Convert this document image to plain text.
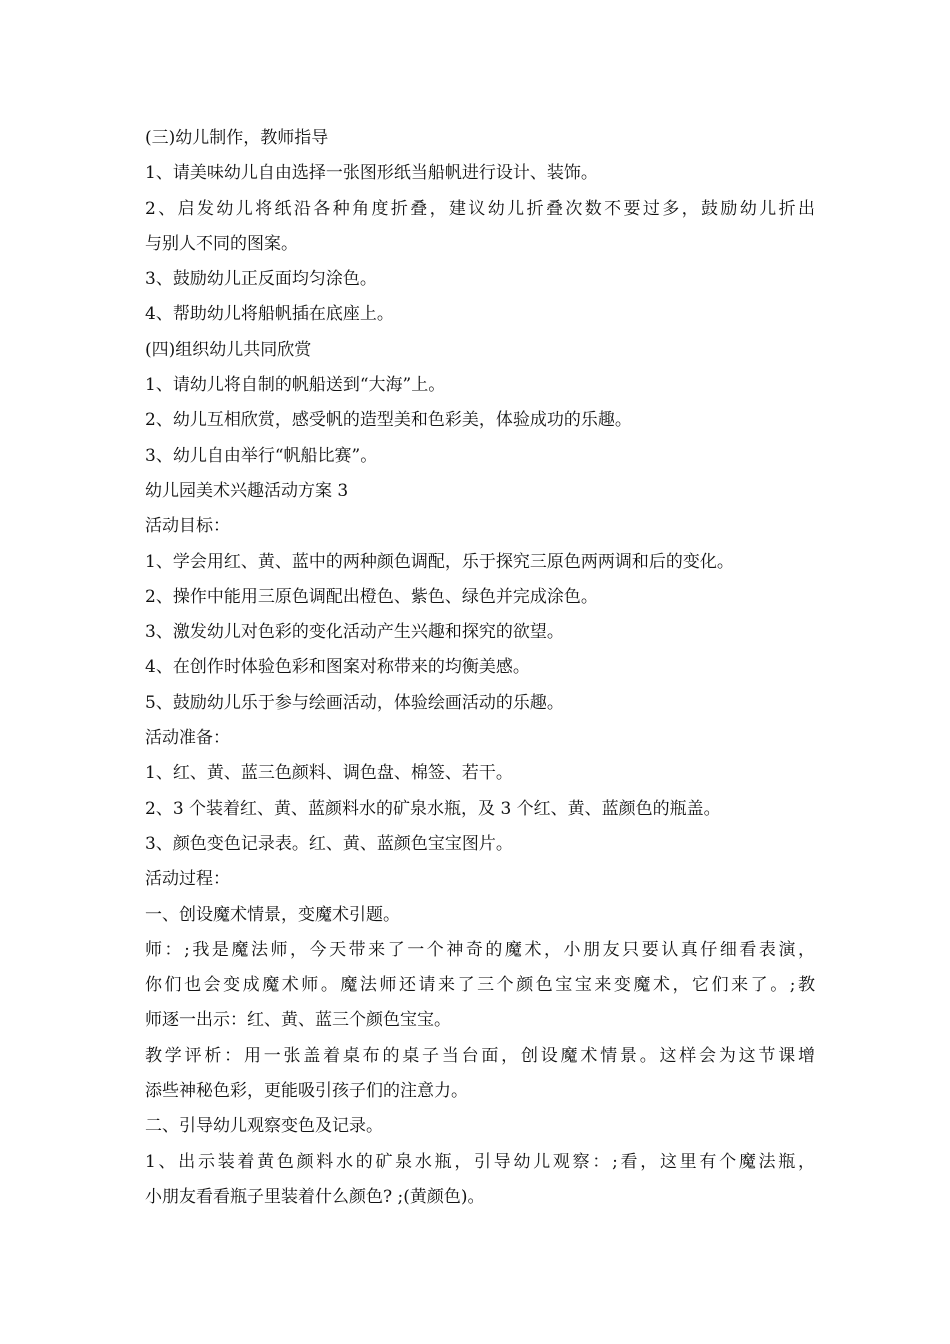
(三)幼儿制作，教师指导
1、请美味幼儿自由选择一张图形纸当船帆进行设计、装饰。
2、启发幼儿将纸沿各种角度折叠，建议幼儿折叠次数不要过多，鼓励幼儿折出
与别人不同的图案。
3、鼓励幼儿正反面均匀涂色。
4、帮助幼儿将船帆插在底座上。
(四)组织幼儿共同欣赏
1、请幼儿将自制的帆船送到“大海”上。
2、幼儿互相欣赏，感受帆的造型美和色彩美，体验成功的乐趣。
3、幼儿自由举行“帆船比赛”。
幼儿园美术兴趣活动方案 3
活动目标：
1、学会用红、黄、蓝中的两种颜色调配，乐于探究三原色两两调和后的变化。
2、操作中能用三原色调配出橙色、紫色、绿色并完成涂色。
3、激发幼儿对色彩的变化活动产生兴趣和探究的欲望。
4、在创作时体验色彩和图案对称带来的均衡美感。
5、鼓励幼儿乐于参与绘画活动，体验绘画活动的乐趣。
活动准备：
1、红、黄、蓝三色颜料、调色盘、棉签、若干。
2、3 个装着红、黄、蓝颜料水的矿泉水瓶，及 3 个红、黄、蓝颜色的瓶盖。
3、颜色变色记录表。红、黄、蓝颜色宝宝图片。
活动过程：
一、创设魔术情景，变魔术引题。
师：;我是魔法师，今天带来了一个神奇的魔术，小朋友只要认真仔细看表演，
你们也会变成魔术师。魔法师还请来了三个颜色宝宝来变魔术，它们来了。;教
师逐一出示：红、黄、蓝三个颜色宝宝。
教学评析：用一张盖着桌布的桌子当台面，创设魔术情景。这样会为这节课增
添些神秘色彩，更能吸引孩子们的注意力。
二、引导幼儿观察变色及记录。
1、出示装着黄色颜料水的矿泉水瓶，引导幼儿观察：;看，这里有个魔法瓶，
小朋友看看瓶子里装着什么颜色? ;(黄颜色)。
